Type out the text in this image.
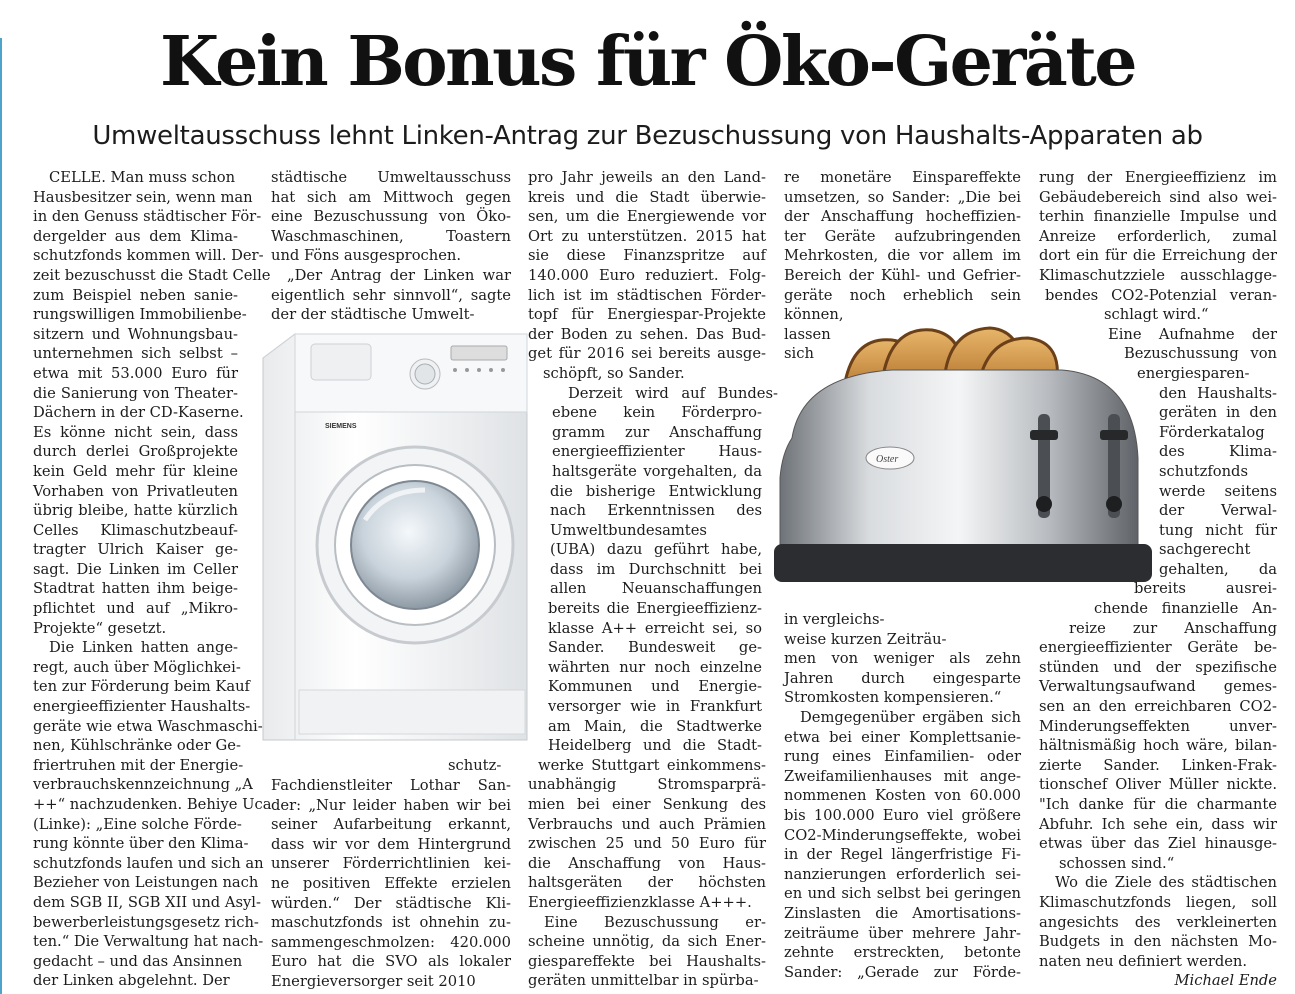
Kein Bonus für Öko-Geräte
Umweltausschuss lehnt Linken-Antrag zur Bezuschussung von Haushalts-Apparaten ab
SIEMENS
Oster
CELLE. Man muss schon
Hausbesitzer sein, wenn man
in den Genuss städtischer För-
dergelder aus dem Klima-
schutzfonds kommen will. Der-
zeit bezuschusst die Stadt Celle
zum Beispiel neben sanie-
rungswilligen Immobilienbe-
sitzern und Wohnungsbau-
unternehmen sich selbst –
etwa mit 53.000 Euro für
die Sanierung von Theater-
Dächern in der CD-Kaserne.
Es könne nicht sein, dass
durch derlei Großprojekte
kein Geld mehr für kleine
Vorhaben von Privatleuten
übrig bleibe, hatte kürzlich
Celles Klimaschutzbeauf-
tragter Ulrich Kaiser ge-
sagt. Die Linken im Celler
Stadtrat hatten ihm beige-
pflichtet und auf „Mikro-
Projekte“ gesetzt.
Die Linken hatten ange-
regt, auch über Möglichkei-
ten zur Förderung beim Kauf
energieeffizienter Haushalts-
geräte wie etwa Waschmaschi-
nen, Kühlschränke oder Ge-
friertruhen mit der Energie-
verbrauchskennzeichnung „A
++“ nachzudenken. Behiye Uca
(Linke): „Eine solche Förde-
rung könnte über den Klima-
schutzfonds laufen und sich an
Bezieher von Leistungen nach
dem SGB II, SGB XII und Asyl-
bewerberleistungsgesetz rich-
ten.“ Die Verwaltung hat nach-
gedacht – und das Ansinnen
der Linken abgelehnt. Der
städtische Umweltausschuss
hat sich am Mittwoch gegen
eine Bezuschussung von Öko-
Waschmaschinen, Toastern
und Föns ausgesprochen.
„Der Antrag der Linken war
eigentlich sehr sinnvoll“, sagte
der der städtische Umwelt-
schutz-
Fachdienstleiter Lothar San-
der: „Nur leider haben wir bei
seiner Aufarbeitung erkannt,
dass wir vor dem Hintergrund
unserer Förderrichtlinien kei-
ne positiven Effekte erzielen
würden.“ Der städtische Kli-
maschutzfonds ist ohnehin zu-
sammengeschmolzen: 420.000
Euro hat die SVO als lokaler
Energieversorger seit 2010
pro Jahr jeweils an den Land-
kreis und die Stadt überwie-
sen, um die Energiewende vor
Ort zu unterstützen. 2015 hat
sie diese Finanzspritze auf
140.000 Euro reduziert. Folg-
lich ist im städtischen Förder-
topf für Energiespar-Projekte
der Boden zu sehen. Das Bud-
get für 2016 sei bereits ausge-
schöpft, so Sander.
Derzeit wird auf Bundes-
ebene kein Förderpro-
gramm zur Anschaffung
energieeffizienter Haus-
haltsgeräte vorgehalten, da
die bisherige Entwicklung
nach Erkenntnissen des
Umweltbundesamtes
(UBA) dazu geführt habe,
dass im Durchschnitt bei
allen Neuanschaffungen
bereits die Energieeffizienz-
klasse A++ erreicht sei, so
Sander. Bundesweit ge-
währten nur noch einzelne
Kommunen und Energie-
versorger wie in Frankfurt
am Main, die Stadtwerke
Heidelberg und die Stadt-
werke Stuttgart einkommens-
unabhängig Stromsparprä-
mien bei einer Senkung des
Verbrauchs und auch Prämien
zwischen 25 und 50 Euro für
die Anschaffung von Haus-
haltsgeräten der höchsten
Energieeffizienzklasse A+++.
Eine Bezuschussung er-
scheine unnötig, da sich Ener-
giespareffekte bei Haushalts-
geräten unmittelbar in spürba-
re monetäre Einspareffekte
umsetzen, so Sander: „Die bei
der Anschaffung hocheffizien-
ter Geräte aufzubringenden
Mehrkosten, die vor allem im
Bereich der Kühl- und Gefrier-
geräte noch erheblich sein
können,
lassen
sich
in vergleichs-
weise kurzen Zeiträu-
men von weniger als zehn
Jahren durch eingesparte
Stromkosten kompensieren.“
Demgegenüber ergäben sich
etwa bei einer Komplettsanie-
rung eines Einfamilien- oder
Zweifamilienhauses mit ange-
nommenen Kosten von 60.000
bis 100.000 Euro viel größere
CO2-Minderungseffekte, wobei
in der Regel längerfristige Fi-
nanzierungen erforderlich sei-
en und sich selbst bei geringen
Zinslasten die Amortisations-
zeiträume über mehrere Jahr-
zehnte erstreckten, betonte
Sander: „Gerade zur Förde-
rung der Energieeffizienz im
Gebäudebereich sind also wei-
terhin finanzielle Impulse und
Anreize erforderlich, zumal
dort ein für die Erreichung der
Klimaschutzziele ausschlagge-
bendes CO2-Potenzial veran-
schlagt wird.“
Eine Aufnahme der
Bezuschussung von
energiesparen-
den Haushalts-
geräten in den
Förderkatalog
des Klima-
schutzfonds
werde seitens
der Verwal-
tung nicht für
sachgerecht
gehalten, da
bereits ausrei-
chende finanzielle An-
reize zur Anschaffung
energieeffizienter Geräte be-
stünden und der spezifische
Verwaltungsaufwand gemes-
sen an den erreichbaren CO2-
Minderungseffekten unver-
hältnismäßig hoch wäre, bilan-
zierte Sander. Linken-Frak-
tionschef Oliver Müller nickte.
"Ich danke für die charmante
Abfuhr. Ich sehe ein, dass wir
etwas über das Ziel hinausge-
schossen sind.“
Wo die Ziele des städtischen
Klimaschutzfonds liegen, soll
angesichts des verkleinerten
Budgets in den nächsten Mo-
naten neu definiert werden.
Michael Ende
